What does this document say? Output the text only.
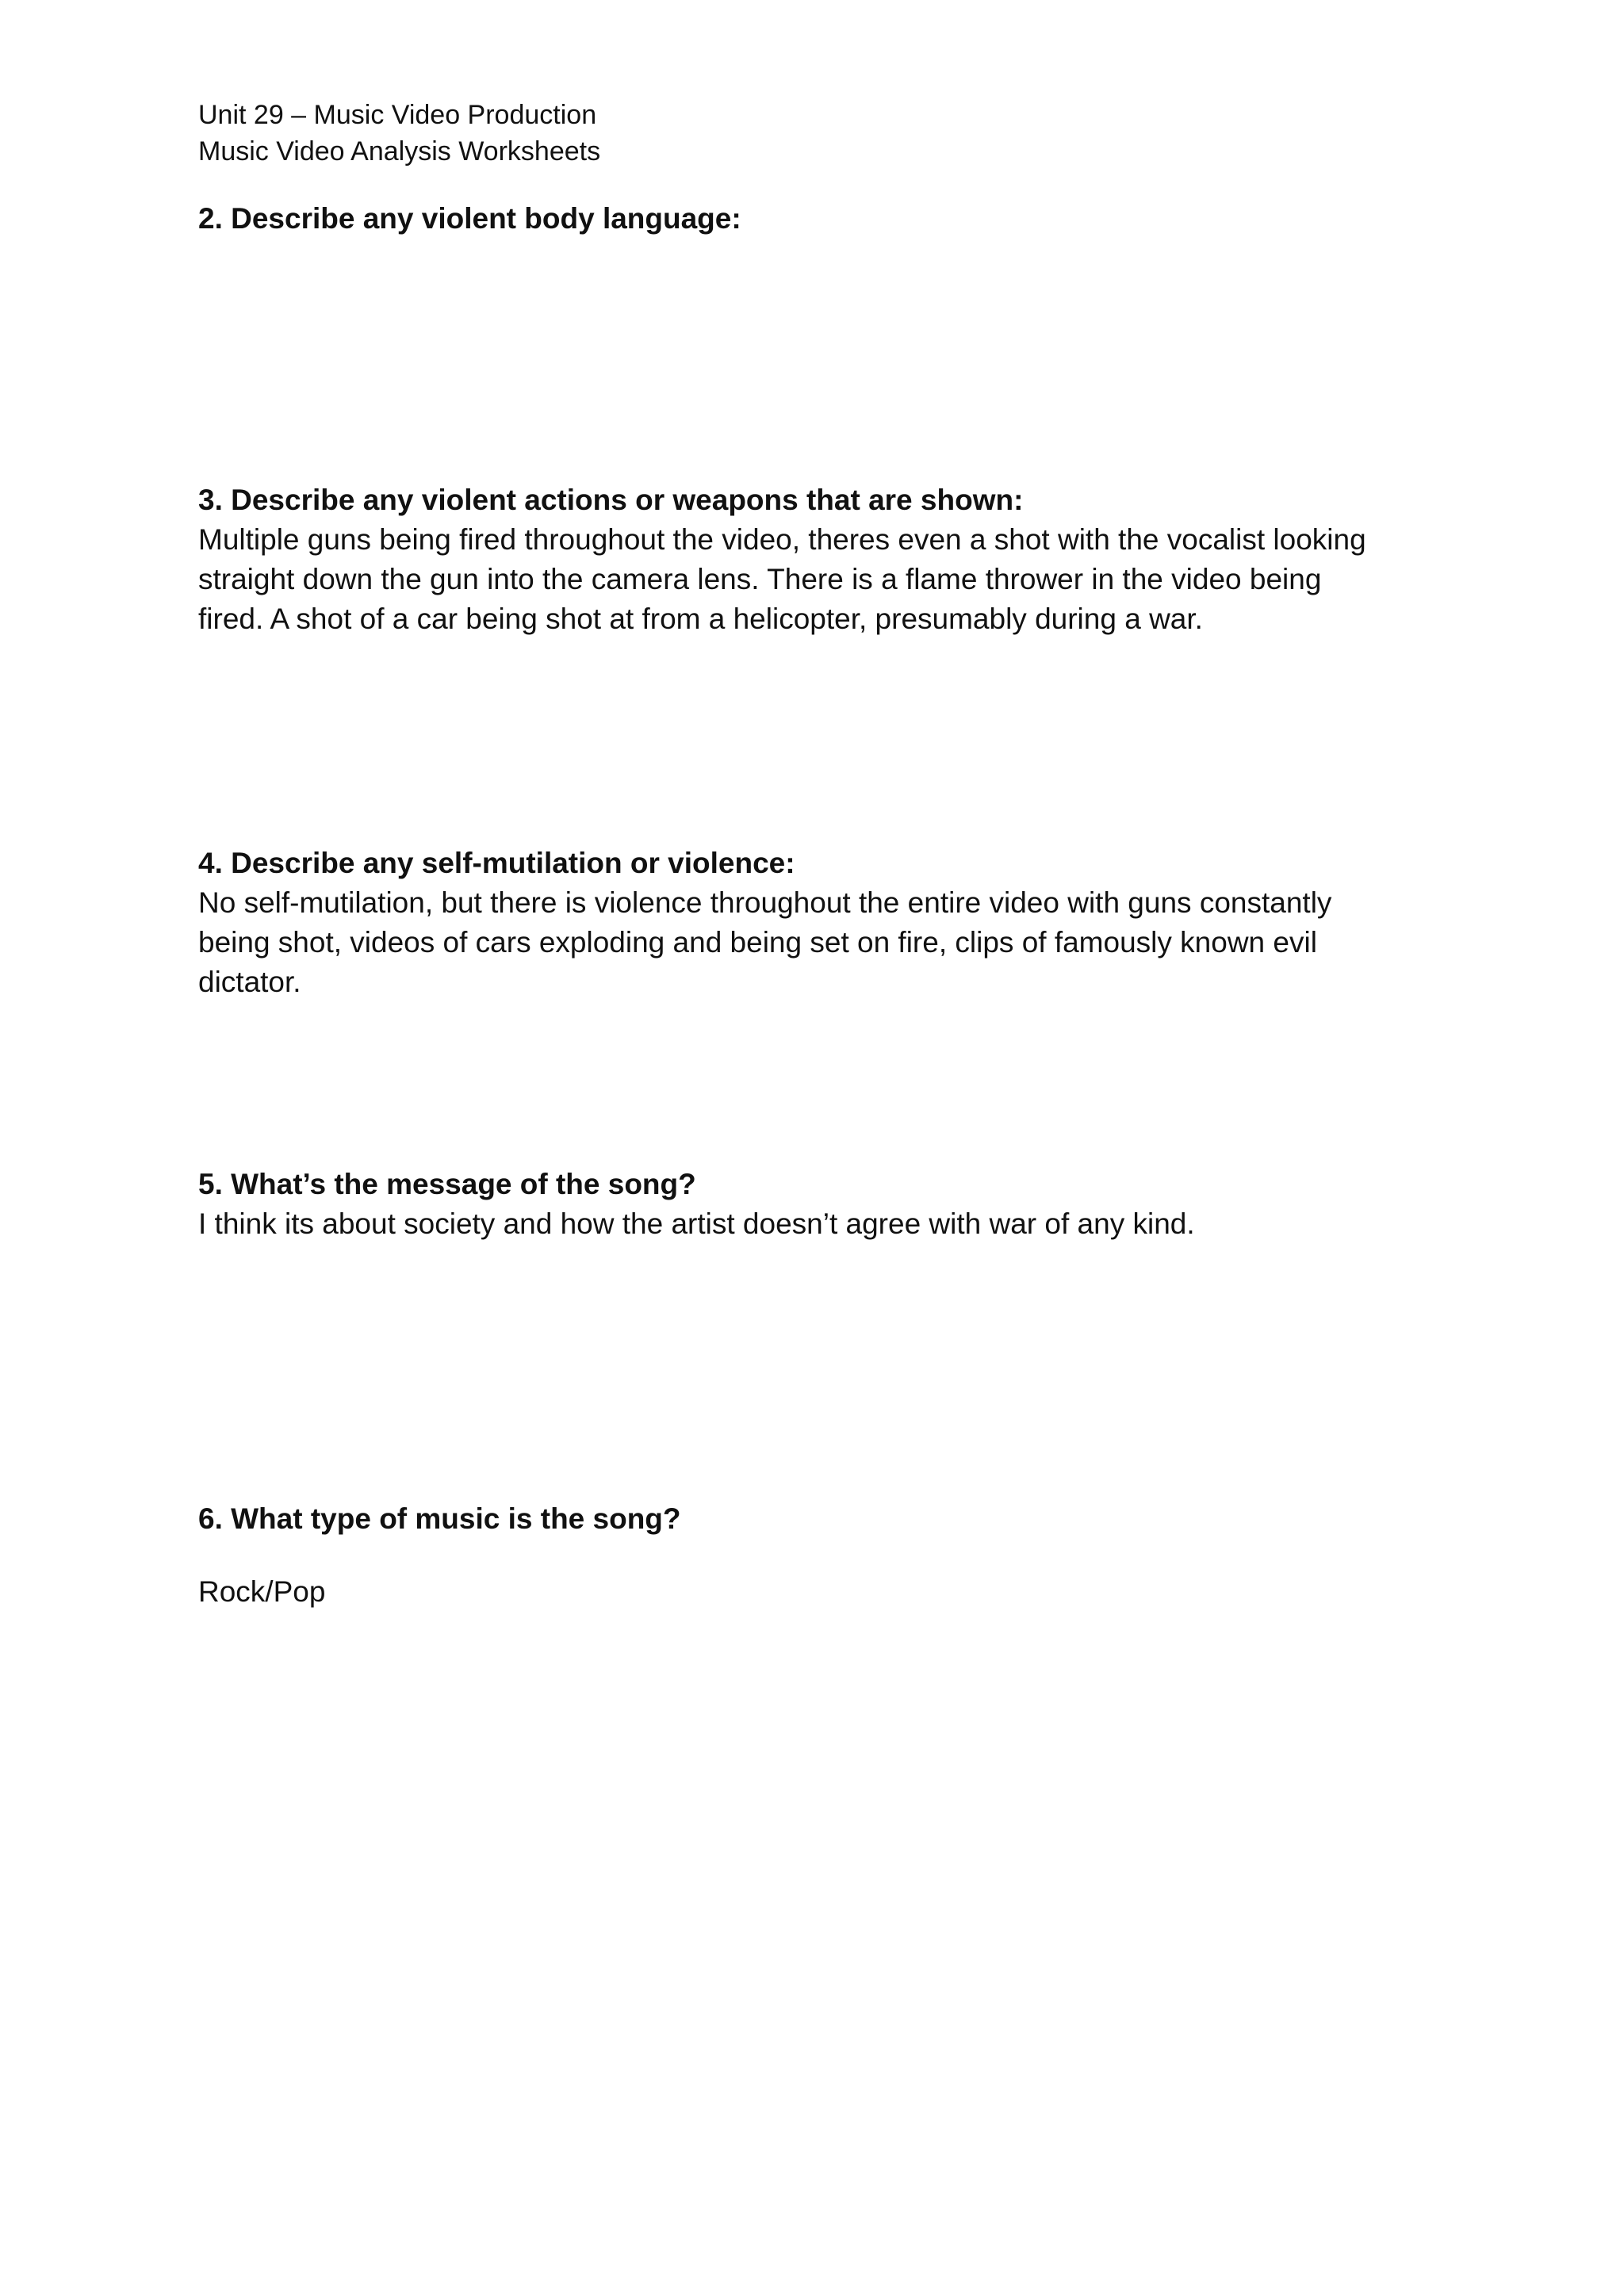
Unit 29 – Music Video Production
Music Video Analysis Worksheets
2. Describe any violent body language:
3. Describe any violent actions or weapons that are shown:
Multiple guns being fired throughout the video, theres even a shot with the vocalist looking
straight down the gun into the camera lens. There is a flame thrower in the video being
fired. A shot of a car being shot at from a helicopter, presumably during a war.
4. Describe any self-mutilation or violence:
No self-mutilation, but there is violence throughout the entire video with guns constantly
being shot, videos of cars exploding and being set on fire, clips of famously known evil
dictator.
5. What’s the message of the song?
I think its about society and how the artist doesn’t agree with war of any kind.
6. What type of music is the song?
Rock/Pop
